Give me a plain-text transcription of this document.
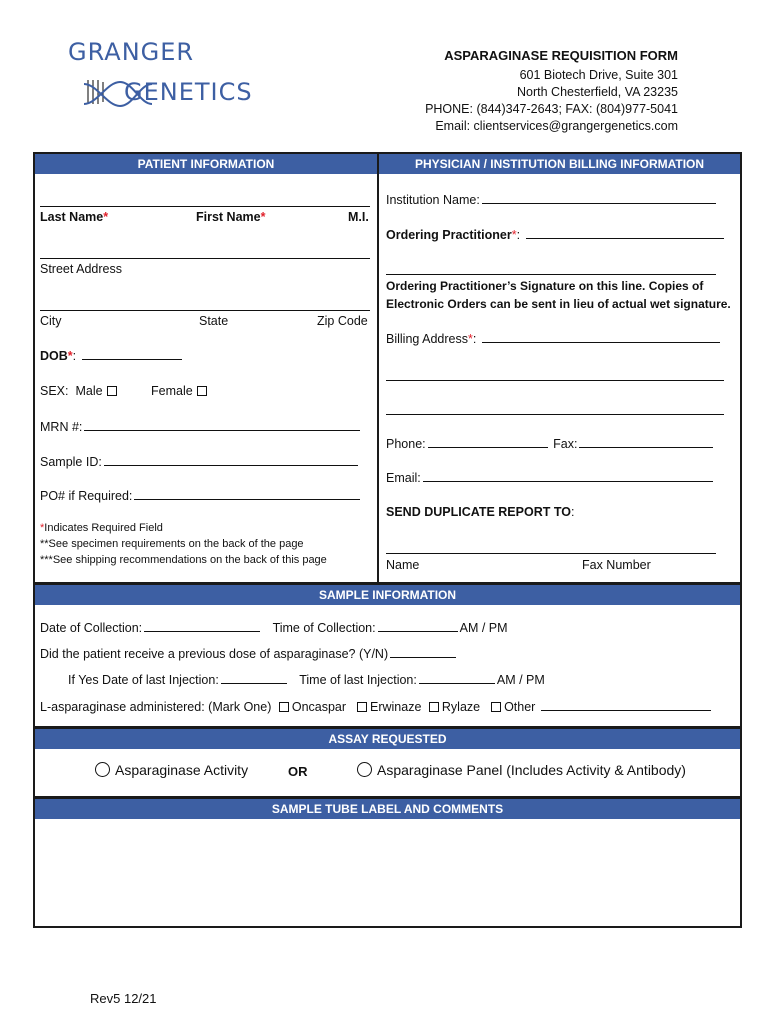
GRANGER
GENETICS
ASPARAGINASE REQUISITION FORM
601 Biotech Drive, Suite 301
North Chesterfield, VA 23235
PHONE: (844)347-2643; FAX: (804)977-5041
Email: clientservices@grangergenetics.com
PATIENT INFORMATION	PHYSICIAN / INSTITUTION BILLING INFORMATION
Last Name*	First Name*	M.I.
Street Address
City	State	Zip Code
DOB*:
SEX: Male	Female
MRN #:
Sample ID:
PO# if Required:
*Indicates Required Field
**See specimen requirements on the back of the page
***See shipping recommendations on the back of this page
Institution Name:
Ordering Practitioner*:
Ordering Practitioner’s Signature on this line. Copies of
Electronic Orders can be sent in lieu of actual wet signature.
Billing Address*:
Phone:	Fax:
Email:
SEND DUPLICATE REPORT TO:
Name	Fax Number
SAMPLE INFORMATION
Date of Collection:	Time of Collection:	AM / PM
Did the patient receive a previous dose of asparaginase? (Y/N)
If Yes Date of last Injection:	Time of last Injection:	AM / PM
L-asparaginase administered: (Mark One) Oncaspar Erwinaze Rylaze Other
ASSAY REQUESTED
Asparaginase Activity	OR	Asparaginase Panel (Includes Activity & Antibody)
SAMPLE TUBE LABEL AND COMMENTS
Rev5 12/21
